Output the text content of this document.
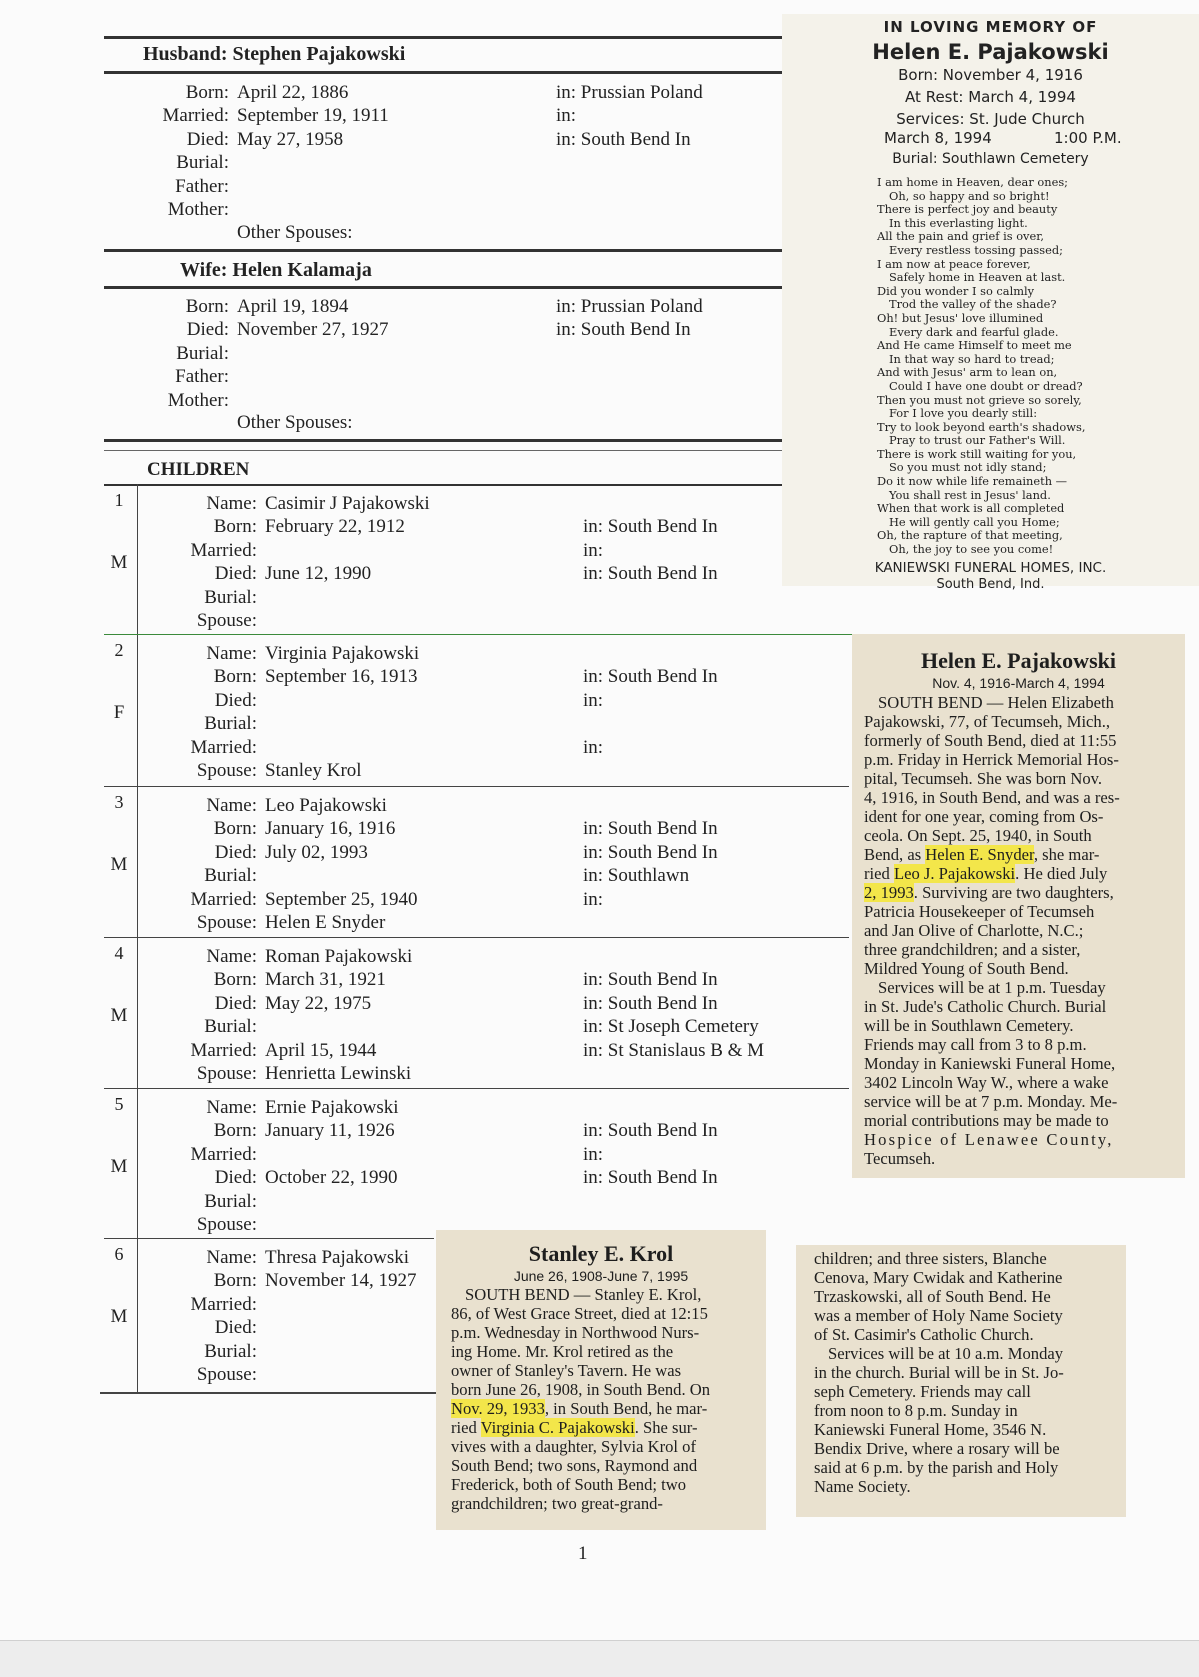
Husband: Stephen Pajakowski
Born: April 22, 1886	in: Prussian Poland
Married: September 19, 1911	in:
Died: May 27, 1958	in: South Bend In
Burial:
Father:
Mother:
Other Spouses:
Wife: Helen Kalamaja
Born: April 19, 1894	in: Prussian Poland
Died: November 27, 1927	in: South Bend In
Burial:
Father:
Mother:
Other Spouses:
CHILDREN
1
M
Name: Casimir J Pajakowski
Born: February 22, 1912	in: South Bend In
Married:	in:
Died: June 12, 1990	in: South Bend In
Burial:
Spouse:
2
F
Name: Virginia Pajakowski
Born: September 16, 1913	in: South Bend In
Died:	in:
Burial:
Married:	in:
Spouse: Stanley Krol
3
M
Name: Leo Pajakowski
Born: January 16, 1916	in: South Bend In
Died: July 02, 1993	in: South Bend In
Burial:	in: Southlawn
Married: September 25, 1940	in:
Spouse: Helen E Snyder
4
M
Name: Roman Pajakowski
Born: March 31, 1921	in: South Bend In
Died: May 22, 1975	in: South Bend In
Burial:	in: St Joseph Cemetery
Married: April 15, 1944	in: St Stanislaus B & M
Spouse: Henrietta Lewinski
5
M
Name: Ernie Pajakowski
Born: January 11, 1926	in: South Bend In
Married:	in:
Died: October 22, 1990	in: South Bend In
Burial:
Spouse:
6
M
Name: Thresa Pajakowski
Born: November 14, 1927
Married:
Died:
Burial:
Spouse:
1
IN LOVING MEMORY OF
Helen E. Pajakowski
Born: November 4, 1916
At Rest: March 4, 1994
Services: St. Jude Church
March 8, 1994	1:00 P.M.
Burial: Southlawn Cemetery
I am home in Heaven, dear ones;
Oh, so happy and so bright!
There is perfect joy and beauty
In this everlasting light.
All the pain and grief is over,
Every restless tossing passed;
I am now at peace forever,
Safely home in Heaven at last.
Did you wonder I so calmly
Trod the valley of the shade?
Oh! but Jesus' love illumined
Every dark and fearful glade.
And He came Himself to meet me
In that way so hard to tread;
And with Jesus' arm to lean on,
Could I have one doubt or dread?
Then you must not grieve so sorely,
For I love you dearly still:
Try to look beyond earth's shadows,
Pray to trust our Father's Will.
There is work still waiting for you,
So you must not idly stand;
Do it now while life remaineth —
You shall rest in Jesus' land.
When that work is all completed
He will gently call you Home;
Oh, the rapture of that meeting,
Oh, the joy to see you come!
KANIEWSKI FUNERAL HOMES, INC.
South Bend, Ind.
Helen E. Pajakowski
Nov. 4, 1916-March 4, 1994
SOUTH BEND — Helen Elizabeth
Pajakowski, 77, of Tecumseh, Mich.,
formerly of South Bend, died at 11:55
p.m. Friday in Herrick Memorial Hos-
pital, Tecumseh. She was born Nov.
4, 1916, in South Bend, and was a res-
ident for one year, coming from Os-
ceola. On Sept. 25, 1940, in South
Bend, as Helen E. Snyder, she mar-
ried Leo J. Pajakowski. He died July
2, 1993. Surviving are two daughters,
Patricia Housekeeper of Tecumseh
and Jan Olive of Charlotte, N.C.;
three grandchildren; and a sister,
Mildred Young of South Bend.
Services will be at 1 p.m. Tuesday
in St. Jude's Catholic Church. Burial
will be in Southlawn Cemetery.
Friends may call from 3 to 8 p.m.
Monday in Kaniewski Funeral Home,
3402 Lincoln Way W., where a wake
service will be at 7 p.m. Monday. Me-
morial contributions may be made to
Hospice of Lenawee County,
Tecumseh.
Stanley E. Krol
June 26, 1908-June 7, 1995
SOUTH BEND — Stanley E. Krol,
86, of West Grace Street, died at 12:15
p.m. Wednesday in Northwood Nurs-
ing Home. Mr. Krol retired as the
owner of Stanley's Tavern. He was
born June 26, 1908, in South Bend. On
Nov. 29, 1933, in South Bend, he mar-
ried Virginia C. Pajakowski. She sur-
vives with a daughter, Sylvia Krol of
South Bend; two sons, Raymond and
Frederick, both of South Bend; two
grandchildren; two great-grand-
children; and three sisters, Blanche
Cenova, Mary Cwidak and Katherine
Trzaskowski, all of South Bend. He
was a member of Holy Name Society
of St. Casimir's Catholic Church.
Services will be at 10 a.m. Monday
in the church. Burial will be in St. Jo-
seph Cemetery. Friends may call
from noon to 8 p.m. Sunday in
Kaniewski Funeral Home, 3546 N.
Bendix Drive, where a rosary will be
said at 6 p.m. by the parish and Holy
Name Society.
